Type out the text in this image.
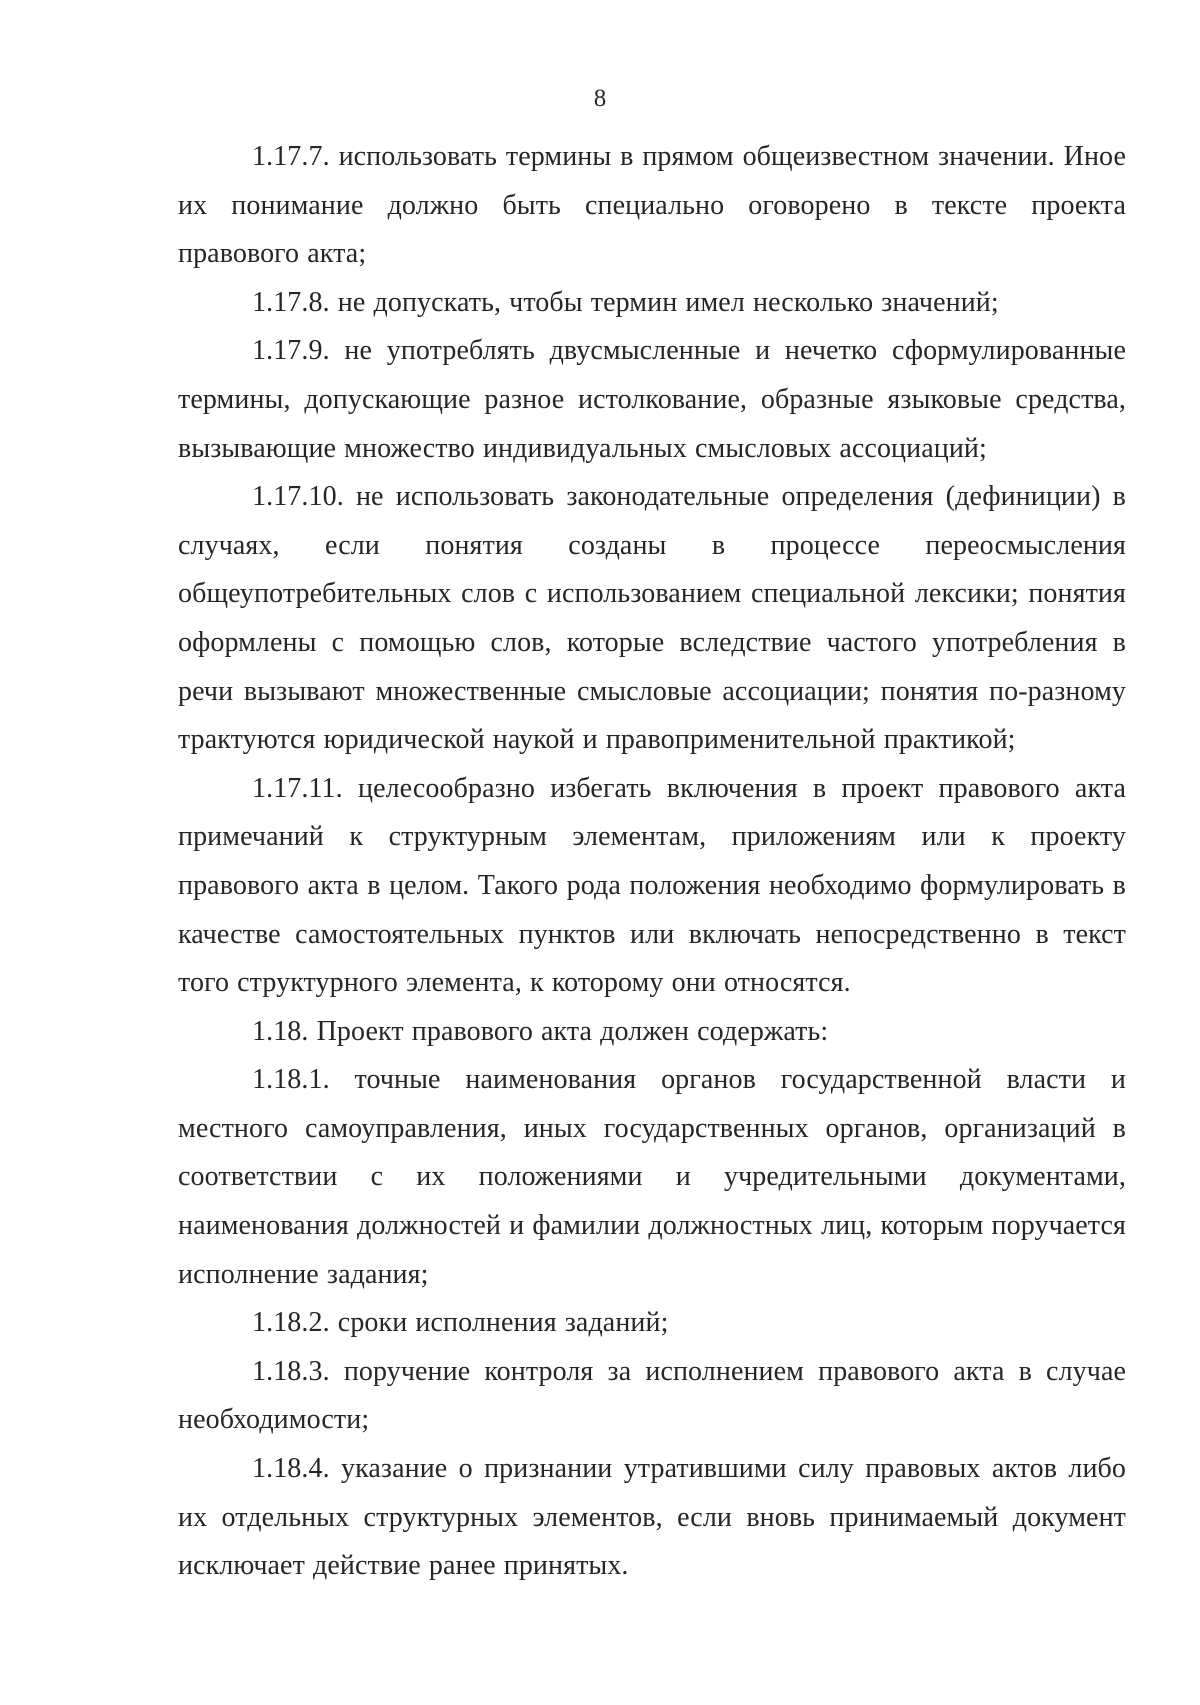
8

1.17.7. использовать термины в прямом общеизвестном значении. Иное их понимание должно быть специально оговорено в тексте проекта правового акта;

1.17.8. не допускать, чтобы термин имел несколько значений;

1.17.9. не употреблять двусмысленные и нечетко сформулированные термины, допускающие разное истолкование, образные языковые средства, вызывающие множество индивидуальных смысловых ассоциаций;

1.17.10. не использовать законодательные определения (дефиниции) в случаях, если понятия созданы в процессе переосмысления общеупотребительных слов с использованием специальной лексики; понятия оформлены с помощью слов, которые вследствие частого употребления в речи вызывают множественные смысловые ассоциации; понятия по-разному трактуются юридической наукой и правоприменительной практикой;

1.17.11. целесообразно избегать включения в проект правового акта примечаний к структурным элементам, приложениям или к проекту правового акта в целом. Такого рода положения необходимо формулировать в качестве самостоятельных пунктов или включать непосредственно в текст того структурного элемента, к которому они относятся.

1.18. Проект правового акта должен содержать:

1.18.1. точные наименования органов государственной власти и местного самоуправления, иных государственных органов, организаций в соответствии с их положениями и учредительными документами, наименования должностей и фамилии должностных лиц, которым поручается исполнение задания;

1.18.2. сроки исполнения заданий;

1.18.3. поручение контроля за исполнением правового акта в случае необходимости;

1.18.4. указание о признании утратившими силу правовых актов либо их отдельных структурных элементов, если вновь принимаемый документ исключает действие ранее принятых.
